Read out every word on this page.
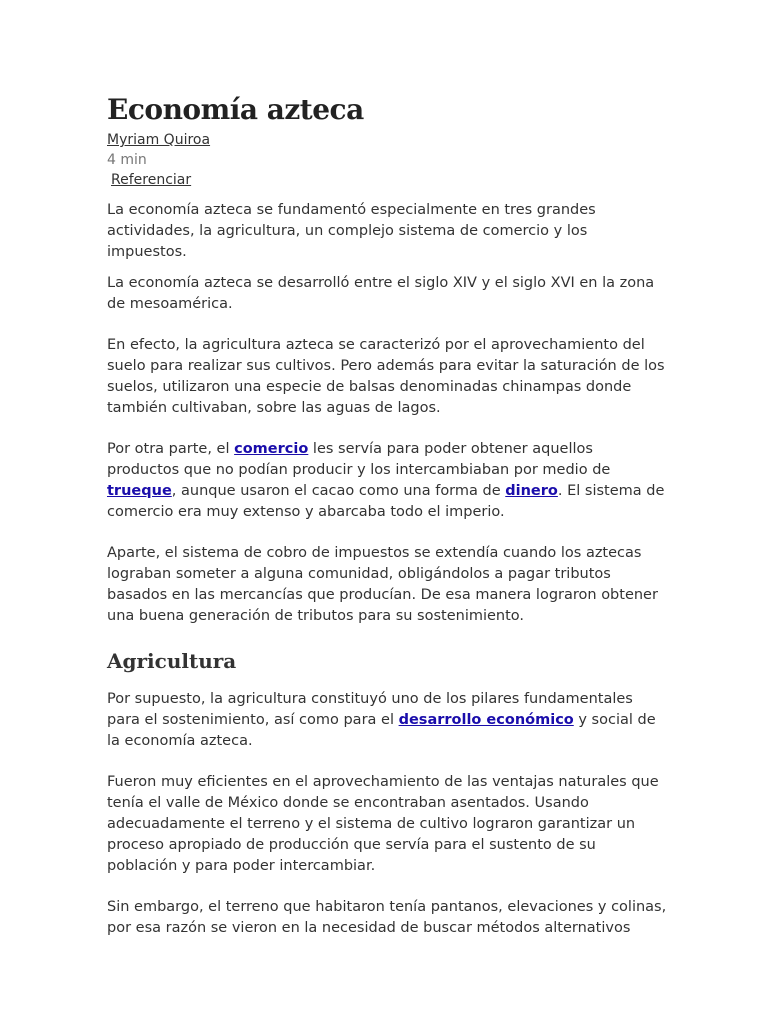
Economía azteca
Myriam Quiroa
4 min
Referenciar

La economía azteca se fundamentó especialmente en tres grandes actividades, la agricultura, un complejo sistema de comercio y los impuestos.

La economía azteca se desarrolló entre el siglo XIV y el siglo XVI en la zona de mesoamérica.

En efecto, la agricultura azteca se caracterizó por el aprovechamiento del suelo para realizar sus cultivos. Pero además para evitar la saturación de los suelos, utilizaron una especie de balsas denominadas chinampas donde también cultivaban, sobre las aguas de lagos.

Por otra parte, el comercio les servía para poder obtener aquellos productos que no podían producir y los intercambiaban por medio de trueque, aunque usaron el cacao como una forma de dinero. El sistema de comercio era muy extenso y abarcaba todo el imperio.

Aparte, el sistema de cobro de impuestos se extendía cuando los aztecas lograban someter a alguna comunidad, obligándolos a pagar tributos basados en las mercancías que producían. De esa manera lograron obtener una buena generación de tributos para su sostenimiento.

Agricultura

Por supuesto, la agricultura constituyó uno de los pilares fundamentales para el sostenimiento, así como para el desarrollo económico y social de la economía azteca.

Fueron muy eficientes en el aprovechamiento de las ventajas naturales que tenía el valle de México donde se encontraban asentados. Usando adecuadamente el terreno y el sistema de cultivo lograron garantizar un proceso apropiado de producción que servía para el sustento de su población y para poder intercambiar.

Sin embargo, el terreno que habitaron tenía pantanos, elevaciones y colinas, por esa razón se vieron en la necesidad de buscar métodos alternativos
